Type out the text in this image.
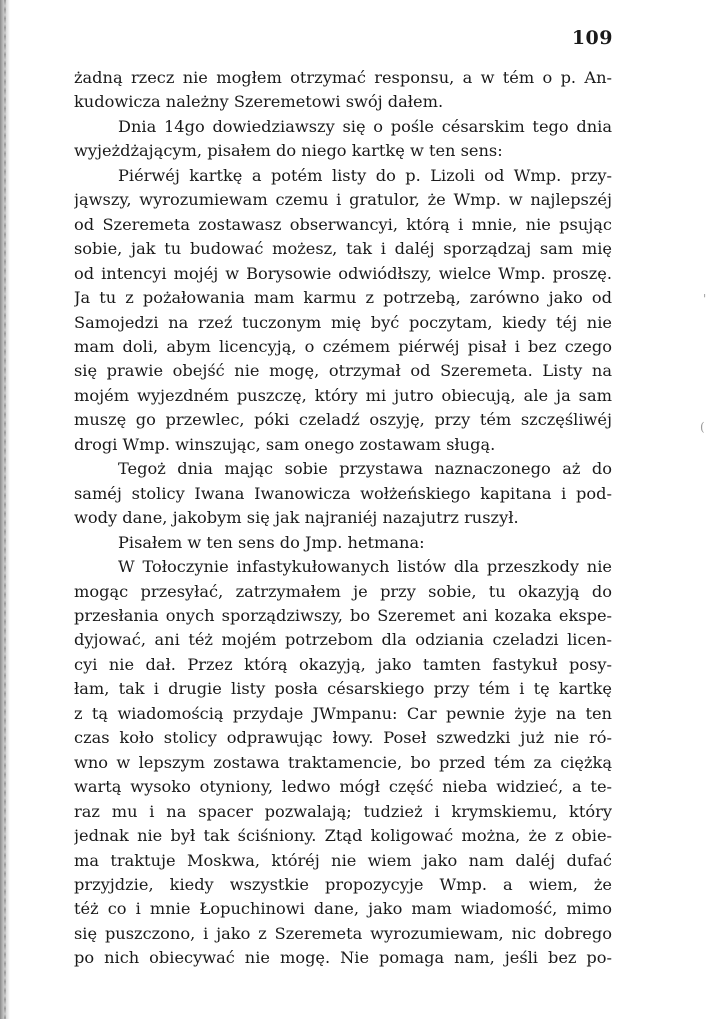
109
żadną rzecz nie mogłem otrzymać responsu, a w tém o p. An-
kudowicza należny Szeremetowi swój dałem.
Dnia 14go dowiedziawszy się o pośle césarskim tego dnia
wyjeżdżającym, pisałem do niego kartkę w ten sens:
Piérwéj kartkę a potém listy do p. Lizoli od Wmp. przy-
jąwszy, wyrozumiewam czemu i gratulor, że Wmp. w najlepszéj
od Szeremeta zostawasz obserwancyi, którą i mnie, nie psując
sobie, jak tu budować możesz, tak i daléj sporządzaj sam mię
od intencyi mojéj w Borysowie odwiódłszy, wielce Wmp. proszę.
Ja tu z pożałowania mam karmu z potrzebą, zarówno jako od
Samojedzi na rzeź tuczonym mię być poczytam, kiedy téj nie
mam doli, abym licencyją, o czémem piérwéj pisał i bez czego
się prawie obejść nie mogę, otrzymał od Szeremeta. Listy na
mojém wyjezdném puszczę, który mi jutro obiecują, ale ja sam
muszę go przewlec, póki czeladź oszyję, przy tém szczęśliwéj
drogi Wmp. winszując, sam onego zostawam sługą.
Tegoż dnia mając sobie przystawa naznaczonego aż do
saméj stolicy Iwana Iwanowicza wołżeńskiego kapitana i pod-
wody dane, jakobym się jak najraniéj nazajutrz ruszył.
Pisałem w ten sens do Jmp. hetmana:
W Tołoczynie infastykułowanych listów dla przeszkody nie
mogąc przesyłać, zatrzymałem je przy sobie, tu okazyją do
przesłania onych sporządziwszy, bo Szeremet ani kozaka ekspe-
dyjować, ani téż mojém potrzebom dla odziania czeladzi licen-
cyi nie dał. Przez którą okazyją, jako tamten fastykuł posy-
łam, tak i drugie listy posła césarskiego przy tém i tę kartkę
z tą wiadomością przydaje JWmpanu: Car pewnie żyje na ten
czas koło stolicy odprawując łowy. Poseł szwedzki już nie ró-
wno w lepszym zostawa traktamencie, bo przed tém za ciężką
wartą wysoko otyniony, ledwo mógł część nieba widzieć, a te-
raz mu i na spacer pozwalają; tudzież i krymskiemu, który
jednak nie był tak ściśniony. Ztąd koligować można, że z obie-
ma traktuje Moskwa, któréj nie wiem jako nam daléj dufać
przyjdzie, kiedy wszystkie propozycyje Wmp. a wiem, że
téż co i mnie Łopuchinowi dane, jako mam wiadomość, mimo
się puszczono, i jako z Szeremeta wyrozumiewam, nic dobrego
po nich obiecywać nie mogę. Nie pomaga nam, jeśli bez po-
'
(
